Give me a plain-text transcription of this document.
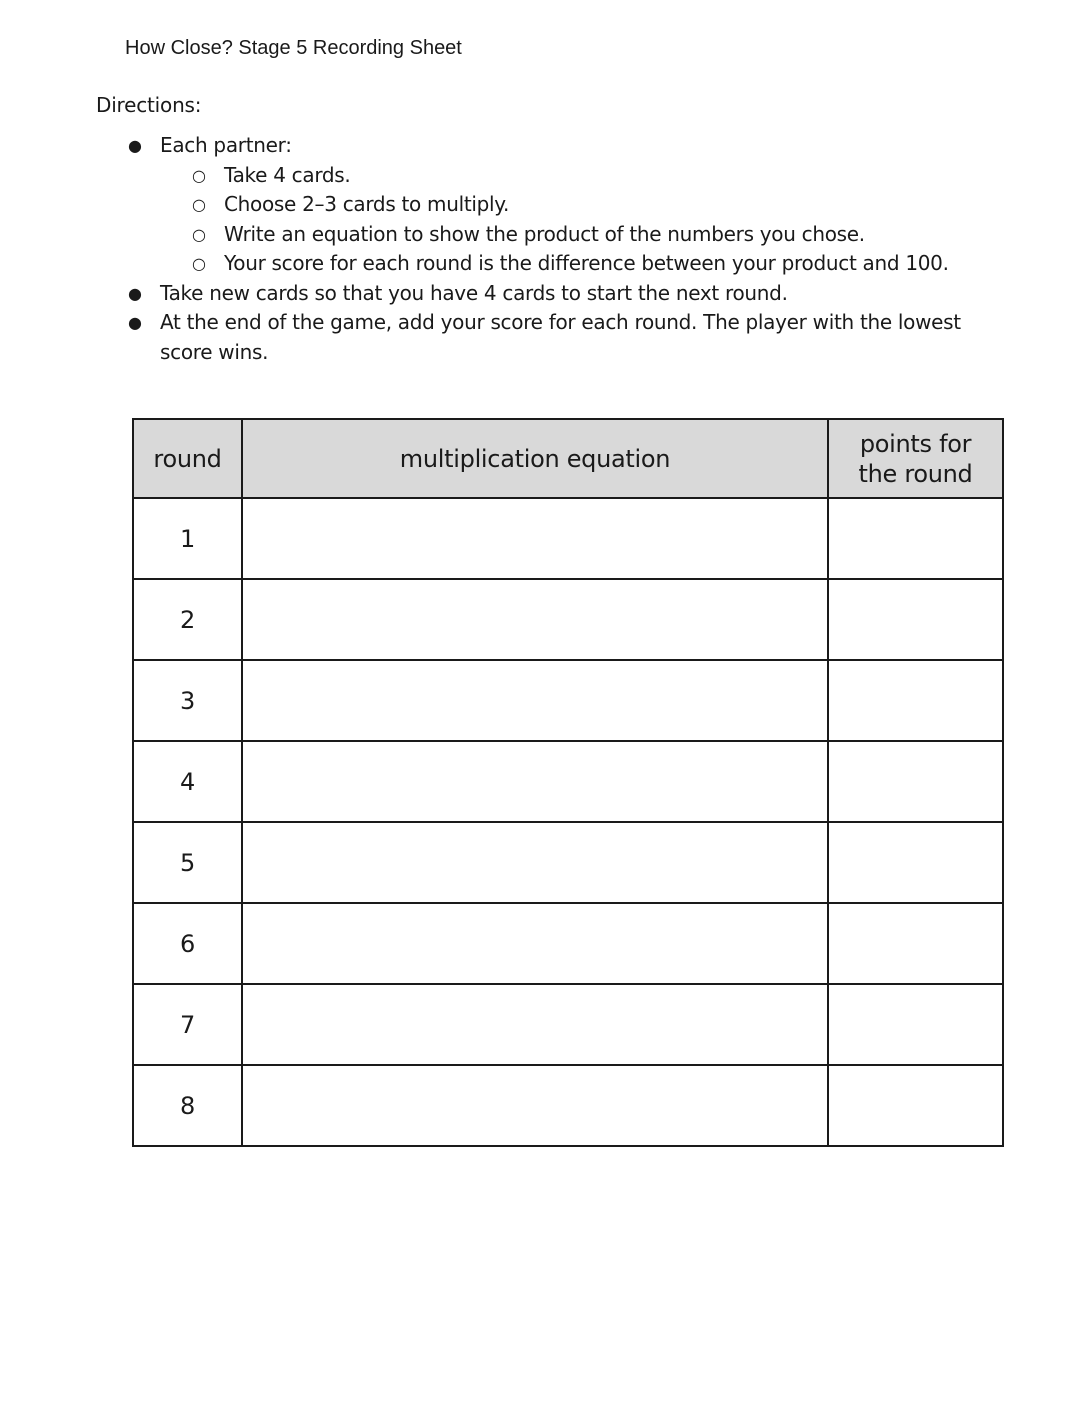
How Close? Stage 5 Recording Sheet
Directions:
● Each partner:
○ Take 4 cards.
○ Choose 2–3 cards to multiply.
○ Write an equation to show the product of the numbers you chose.
○ Your score for each round is the difference between your product and 100.
● Take new cards so that you have 4 cards to start the next round.
● At the end of the game, add your score for each round. The player with the lowest score wins.
round	multiplication equation	points for
the round
1		
2		
3		
4		
5		
6		
7		
8		
